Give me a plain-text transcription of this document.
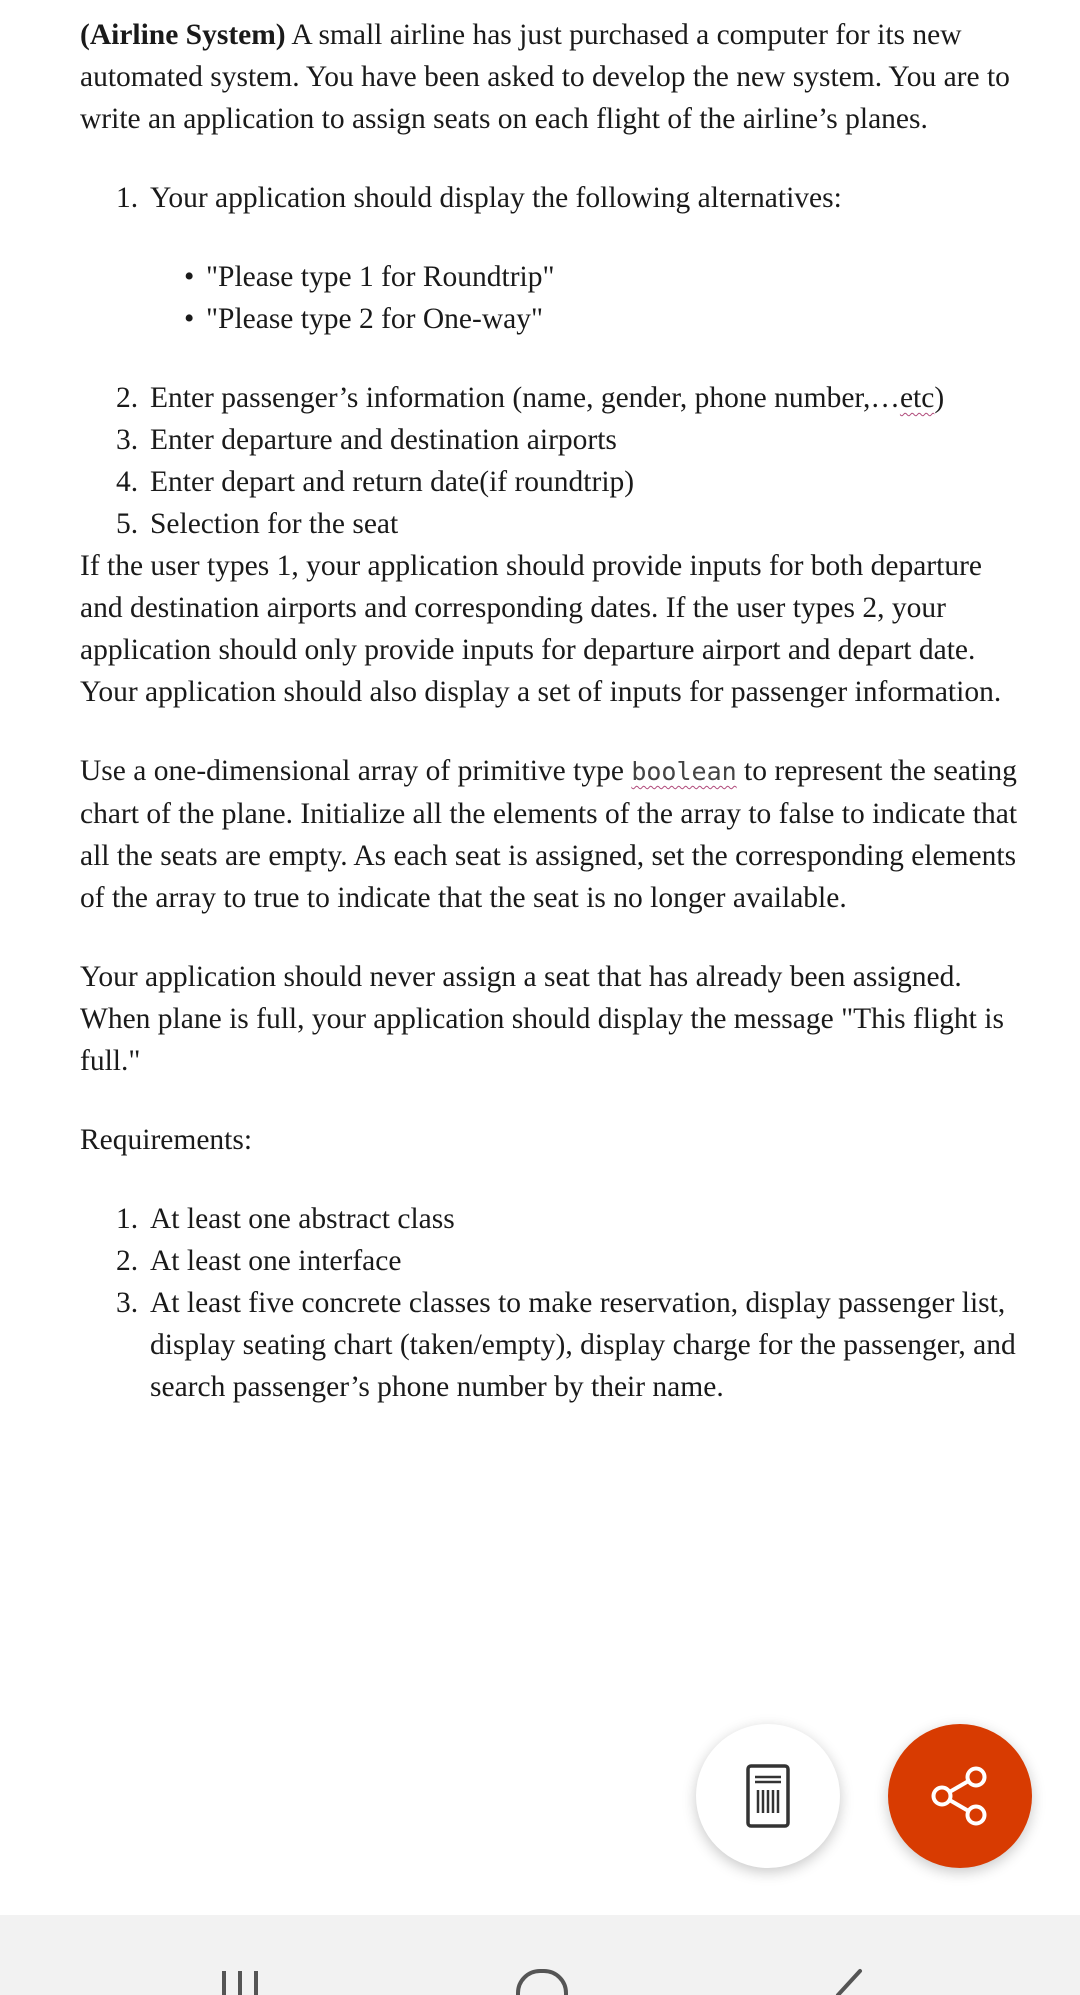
(Airline System) A small airline has just purchased a computer for its new automated system. You have been asked to develop the new system. You are to write an application to assign seats on each flight of the airline’s planes.

1. Your application should display the following alternatives:
• "Please type 1 for Roundtrip"
• "Please type 2 for One-way"
2. Enter passenger’s information (name, gender, phone number,…etc)
3. Enter departure and destination airports
4. Enter depart and return date(if roundtrip)
5. Selection for the seat

If the user types 1, your application should provide inputs for both departure and destination airports and corresponding dates. If the user types 2, your application should only provide inputs for departure airport and depart date. Your application should also display a set of inputs for passenger information.

Use a one-dimensional array of primitive type boolean to represent the seating chart of the plane. Initialize all the elements of the array to false to indicate that all the seats are empty. As each seat is assigned, set the corresponding elements of the array to true to indicate that the seat is no longer available.

Your application should never assign a seat that has already been assigned. When plane is full, your application should display the message "This flight is full."

Requirements:

1. At least one abstract class
2. At least one interface
3. At least five concrete classes to make reservation, display passenger list, display seating chart (taken/empty), display charge for the passenger, and search passenger’s phone number by their name.
